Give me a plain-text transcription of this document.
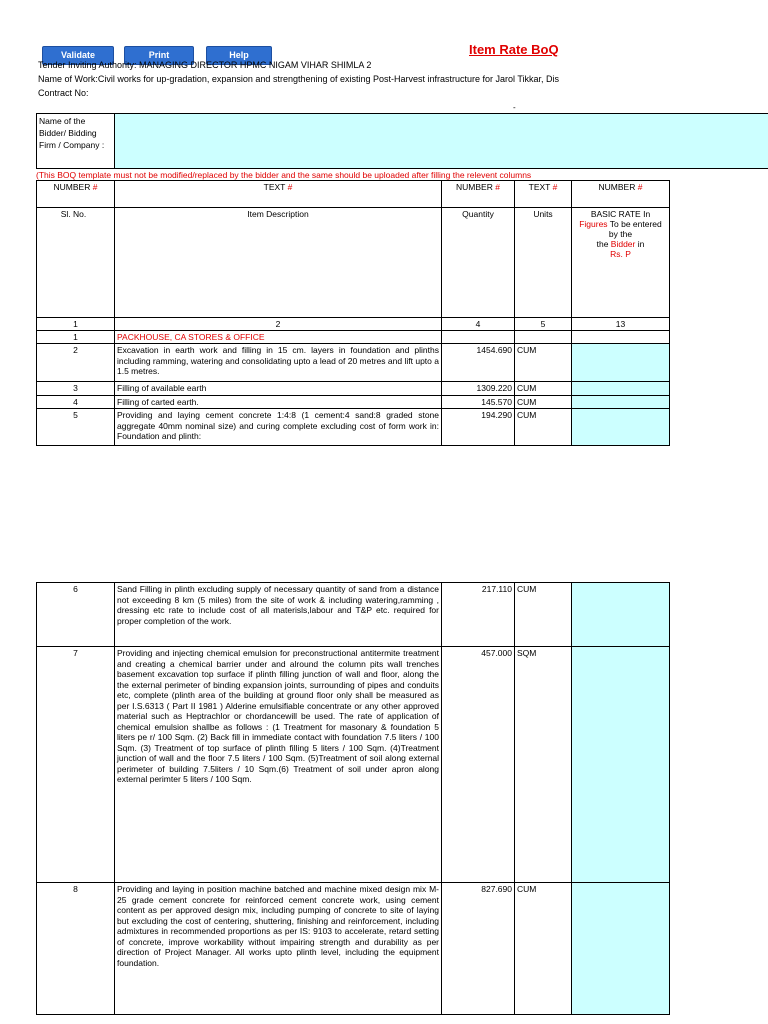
Validate	Print	Help	Item Rate BoQ
Tender Inviting Authority: MANAGING DIRECTOR HPMC NIGAM VIHAR SHIMLA 2
Name of Work:Civil works for up-gradation, expansion and strengthening of existing Post-Harvest infrastructure for Jarol Tikkar, Dis
Contract No:
-
Name of the Bidder/ Bidding Firm / Company :	
(This BOQ template must not be modified/replaced by the bidder and the same should be uploaded after filling the relevent columns
NUMBER #	TEXT #	NUMBER #	TEXT #	NUMBER #
Sl. No.	Item Description	Quantity	Units	BASIC RATE In
Figures To be entered by the
the Bidder in
Rs. P
1	2	4	5	13
1	PACKHOUSE, CA STORES & OFFICE			
2	Excavation in earth work and filling in 15 cm. layers in foundation and plinths including ramming, watering and consolidating upto a lead of 20 metres and lift upto a 1.5 metres.	1454.690	CUM	
3	Filling of available earth	1309.220	CUM	
4	Filling of carted earth.	145.570	CUM	
5	Providing and laying cement concrete 1:4:8 (1 cement:4 sand:8 graded stone aggregate 40mm nominal size) and curing complete excluding cost of form work in: Foundation and plinth:	194.290	CUM	
6	Sand Filling in plinth excluding supply of necessary quantity of sand from a distance not exceeding 8 km (5 miles) from the site of work & including watering,ramming , dressing etc rate to include cost of all materisls,labour and T&P etc. required for proper completion of the work.	217.110	CUM	
7	Providing and injecting chemical emulsion for preconstructional antitermite treatment and creating a chemical barrier under and alround the column pits wall trenches basement excavation top surface if plinth filling junction of wall and floor, along the the external perimeter of binding expansion joints, surrounding of pipes and conduits etc, complete (plinth area of the building at ground floor only shall be measured as per I.S.6313 ( Part II 1981 ) Alderine emulsifiable concentrate or any other approved material such as Heptrachlor or chordancewill be used. The rate of application of chemical emulsion shallbe as follows : (1 Treatment for masonary & foundation 5 liters pe r/ 100 Sqm. (2) Back fill in immediate contact with foundation 7.5 liters / 100 Sqm. (3) Treatment of top surface of plinth filling 5 liters / 100 Sqm. (4)Treatment junction of wall and the floor 7.5 liters / 100 Sqm. (5)Treatment of soil along external perimeter of building 7.5liters / 10 Sqm.(6) Treatment of soil under apron along external perimter 5 liters / 100 Sqm.	457.000	SQM	
8	Providing and laying in position machine batched and machine mixed design mix M-25 grade cement concrete for reinforced cement concrete work, using cement content as per approved design mix, including pumping of concrete to site of laying but excluding the cost of centering, shuttering, finishing and reinforcement, including admixtures in recommended proportions as per IS: 9103 to accelerate, retard setting of concrete, improve workability without impairing strength and durability as per direction of Project Manager. All works upto plinth level, including the equipment foundation.	827.690	CUM	
